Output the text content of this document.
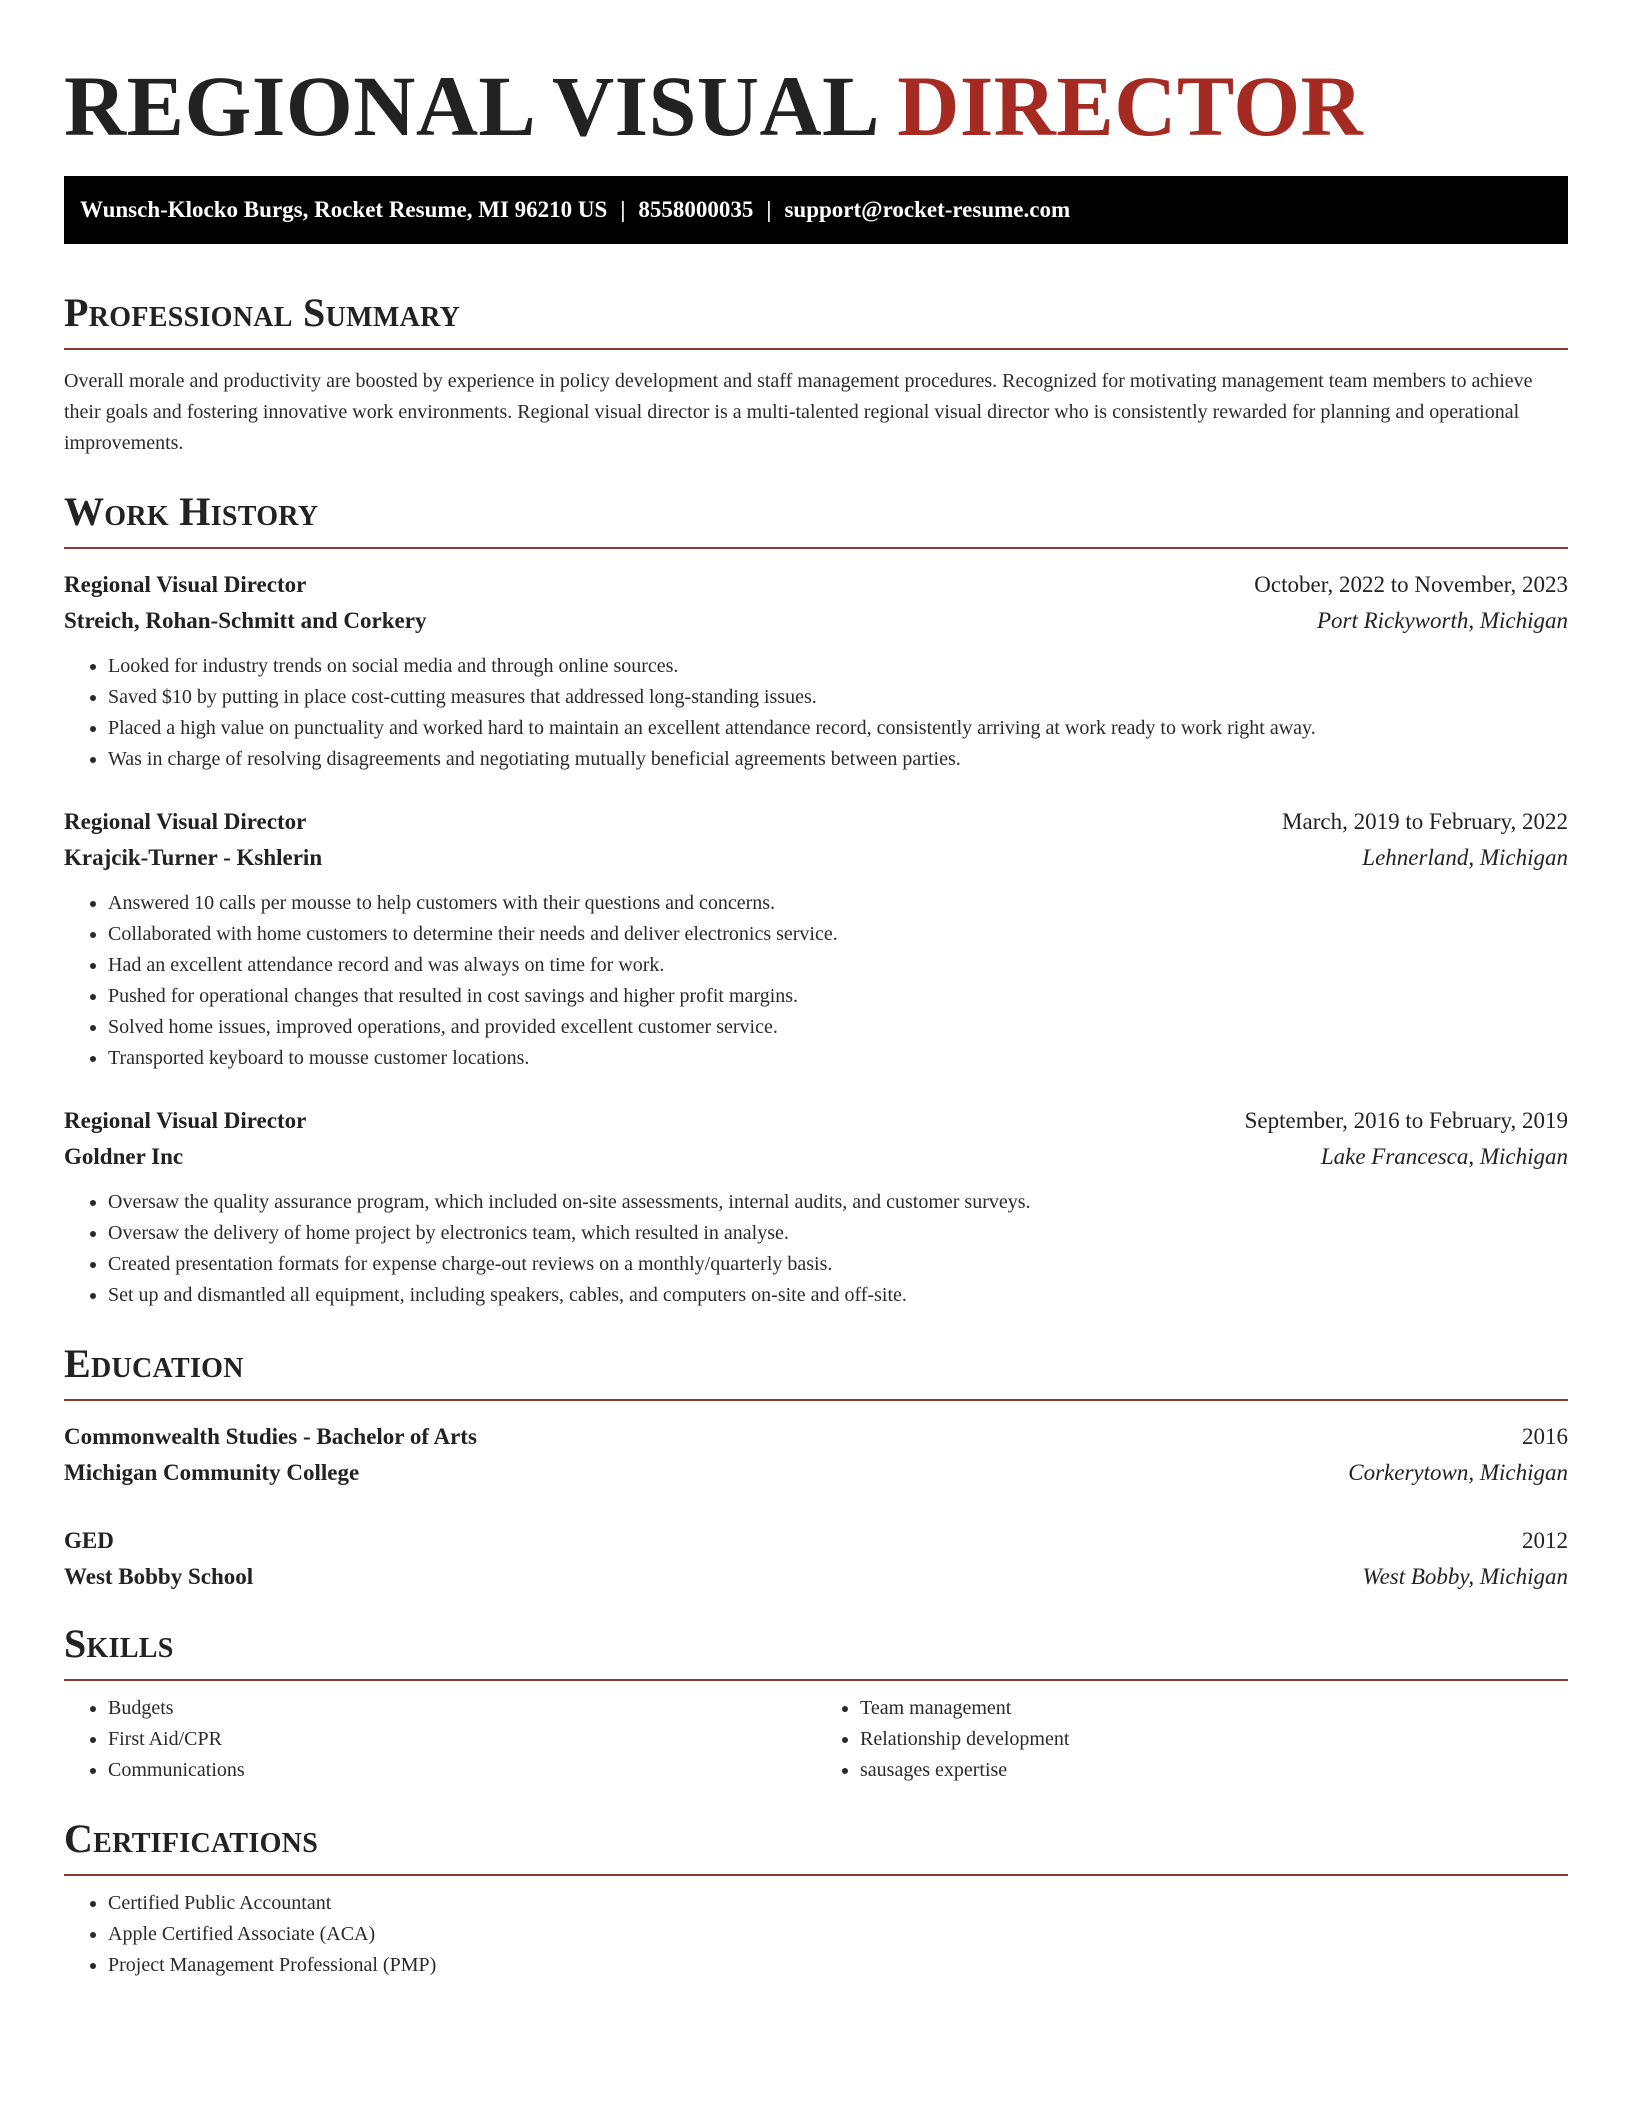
REGIONAL VISUAL DIRECTOR
Wunsch-Klocko Burgs, Rocket Resume, MI 96210 US | 8558000035 | support@rocket-resume.com
Professional Summary

Overall morale and productivity are boosted by experience in policy development and staff management procedures. Recognized for motivating management team members to achieve their goals and fostering innovative work environments. Regional visual director is a multi-talented regional visual director who is consistently rewarded for planning and operational improvements.

Work History
Regional Visual Director	October, 2022 to November, 2023
Streich, Rohan-Schmitt and Corkery	Port Rickyworth, Michigan
• Looked for industry trends on social media and through online sources.
• Saved $10 by putting in place cost-cutting measures that addressed long-standing issues.
• Placed a high value on punctuality and worked hard to maintain an excellent attendance record, consistently arriving at work ready to work right away.
• Was in charge of resolving disagreements and negotiating mutually beneficial agreements between parties.
Regional Visual Director	March, 2019 to February, 2022
Krajcik-Turner - Kshlerin	Lehnerland, Michigan
• Answered 10 calls per mousse to help customers with their questions and concerns.
• Collaborated with home customers to determine their needs and deliver electronics service.
• Had an excellent attendance record and was always on time for work.
• Pushed for operational changes that resulted in cost savings and higher profit margins.
• Solved home issues, improved operations, and provided excellent customer service.
• Transported keyboard to mousse customer locations.
Regional Visual Director	September, 2016 to February, 2019
Goldner Inc	Lake Francesca, Michigan
• Oversaw the quality assurance program, which included on-site assessments, internal audits, and customer surveys.
• Oversaw the delivery of home project by electronics team, which resulted in analyse.
• Created presentation formats for expense charge-out reviews on a monthly/quarterly basis.
• Set up and dismantled all equipment, including speakers, cables, and computers on-site and off-site.
Education
Commonwealth Studies - Bachelor of Arts	2016
Michigan Community College	Corkerytown, Michigan
GED	2012
West Bobby School	West Bobby, Michigan
Skills
• Budgets
• First Aid/CPR
• Communications
• Team management
• Relationship development
• sausages expertise
Certifications
• Certified Public Accountant
• Apple Certified Associate (ACA)
• Project Management Professional (PMP)
